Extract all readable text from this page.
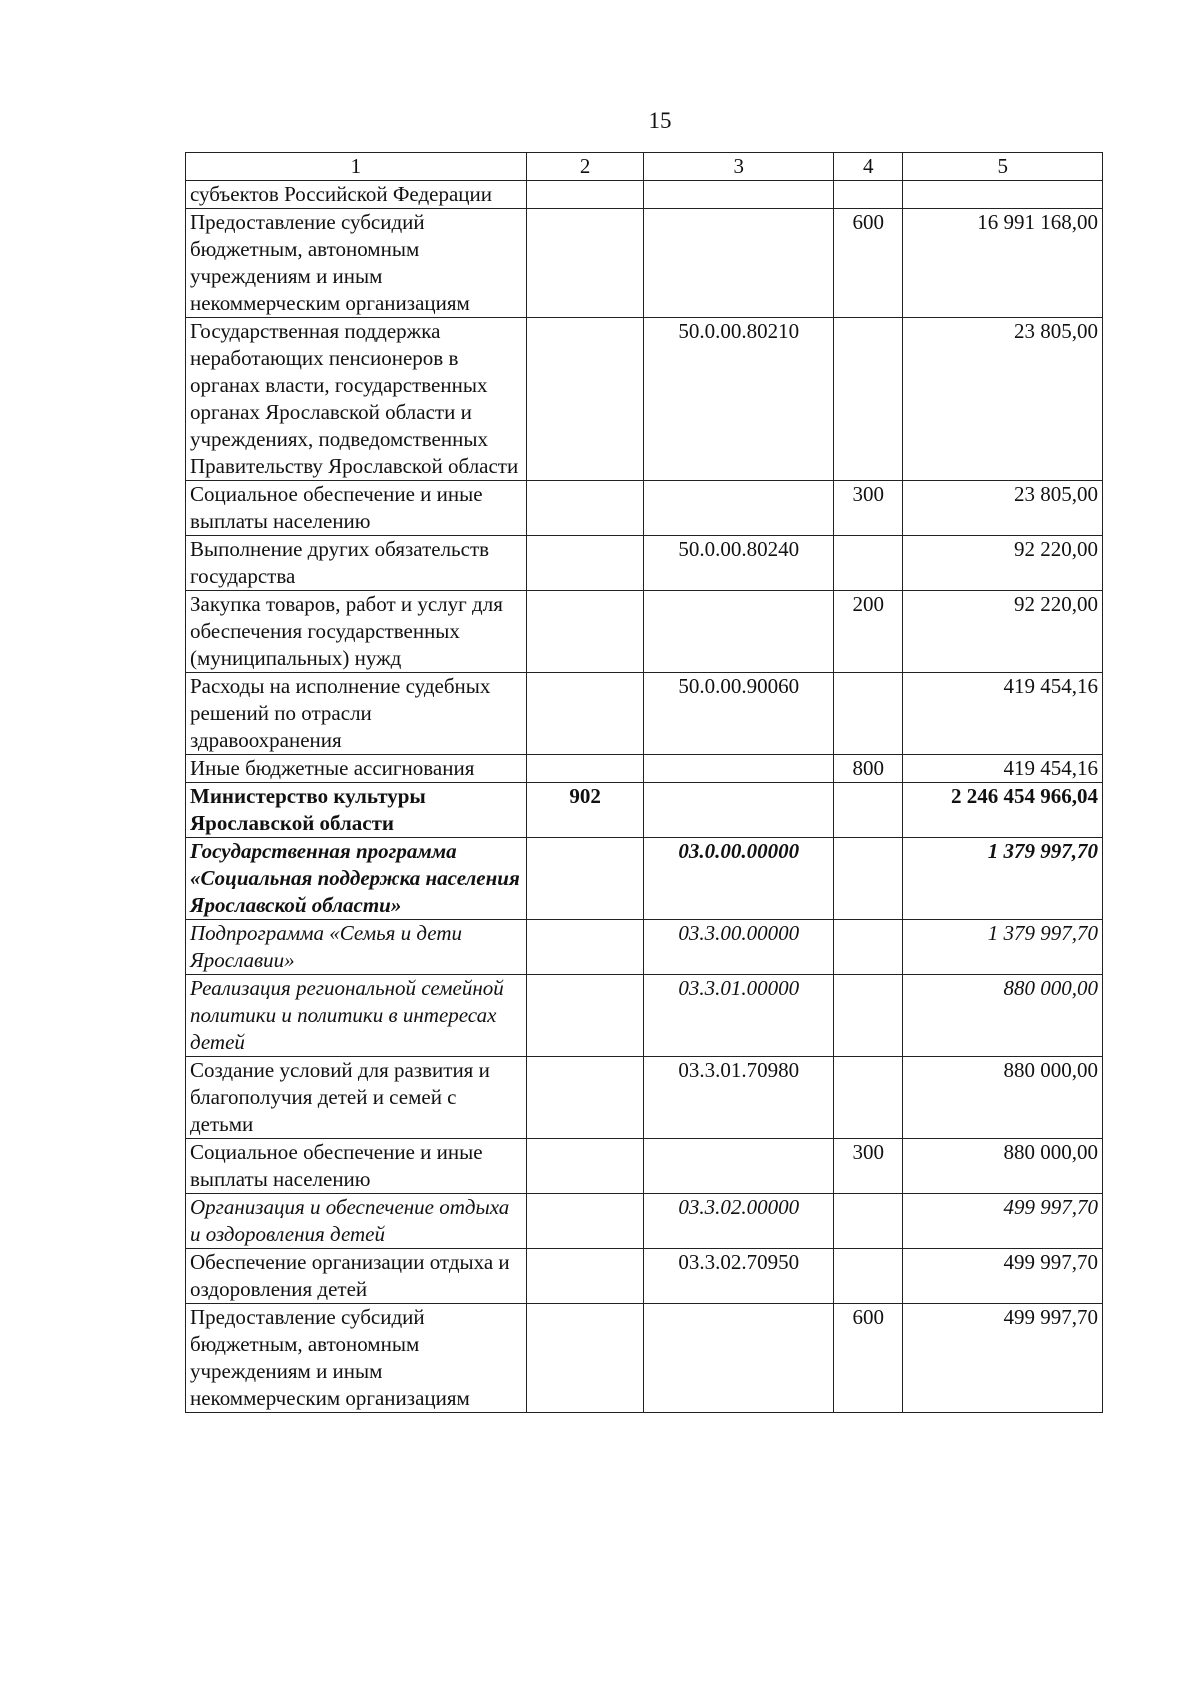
15
1	2	3	4	5
субъектов Российской Федерации				
Предоставление субсидий бюджетным, автономным учреждениям и иным некоммерческим организациям			600	16 991 168,00
Государственная поддержка неработающих пенсионеров в органах власти, государственных органах Ярославской области и учреждениях, подведомственных Правительству Ярославской области		50.0.00.80210		23 805,00
Социальное обеспечение и иные выплаты населению			300	23 805,00
Выполнение других обязательств государства		50.0.00.80240		92 220,00
Закупка товаров, работ и услуг для обеспечения государственных (муниципальных) нужд			200	92 220,00
Расходы на исполнение судебных решений по отрасли здравоохранения		50.0.00.90060		419 454,16
Иные бюджетные ассигнования			800	419 454,16
Министерство культуры Ярославской области	902			2 246 454 966,04
Государственная программа «Социальная поддержка населения Ярославской области»		03.0.00.00000		1 379 997,70
Подпрограмма «Семья и дети Ярославии»		03.3.00.00000		1 379 997,70
Реализация региональной семейной политики и политики в интересах детей		03.3.01.00000		880 000,00
Создание условий для развития и благополучия детей и семей с детьми		03.3.01.70980		880 000,00
Социальное обеспечение и иные выплаты населению			300	880 000,00
Организация и обеспечение отдыха и оздоровления детей		03.3.02.00000		499 997,70
Обеспечение организации отдыха и оздоровления детей		03.3.02.70950		499 997,70
Предоставление субсидий бюджетным, автономным учреждениям и иным некоммерческим организациям			600	499 997,70
